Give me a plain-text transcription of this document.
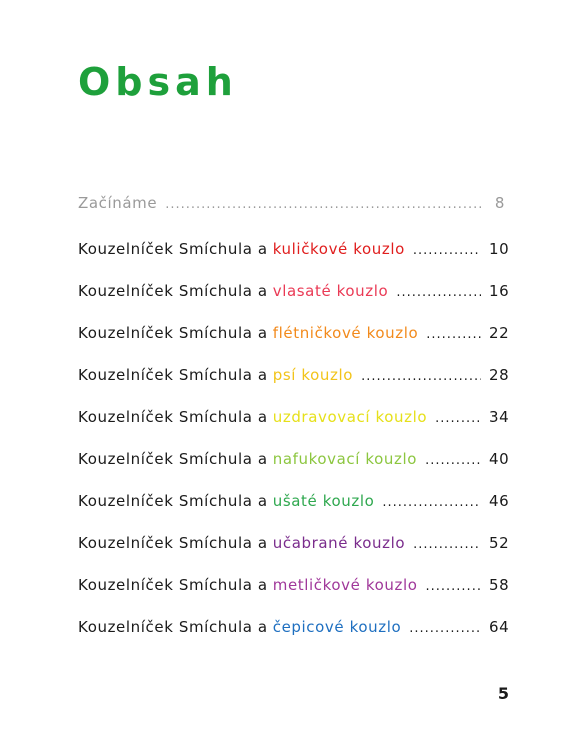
Obsah
Začínáme .....	8
Kouzelníček Smíchula a kuličkové kouzlo .....	10
Kouzelníček Smíchula a vlasaté kouzlo .....	16
Kouzelníček Smíchula a flétničkové kouzlo .....	22
Kouzelníček Smíchula a psí kouzlo .....	28
Kouzelníček Smíchula a uzdravovací kouzlo .....	34
Kouzelníček Smíchula a nafukovací kouzlo .....	40
Kouzelníček Smíchula a ušaté kouzlo .....	46
Kouzelníček Smíchula a učabrané kouzlo .....	52
Kouzelníček Smíchula a metličkové kouzlo .....	58
Kouzelníček Smíchula a čepicové kouzlo .....	64
5
